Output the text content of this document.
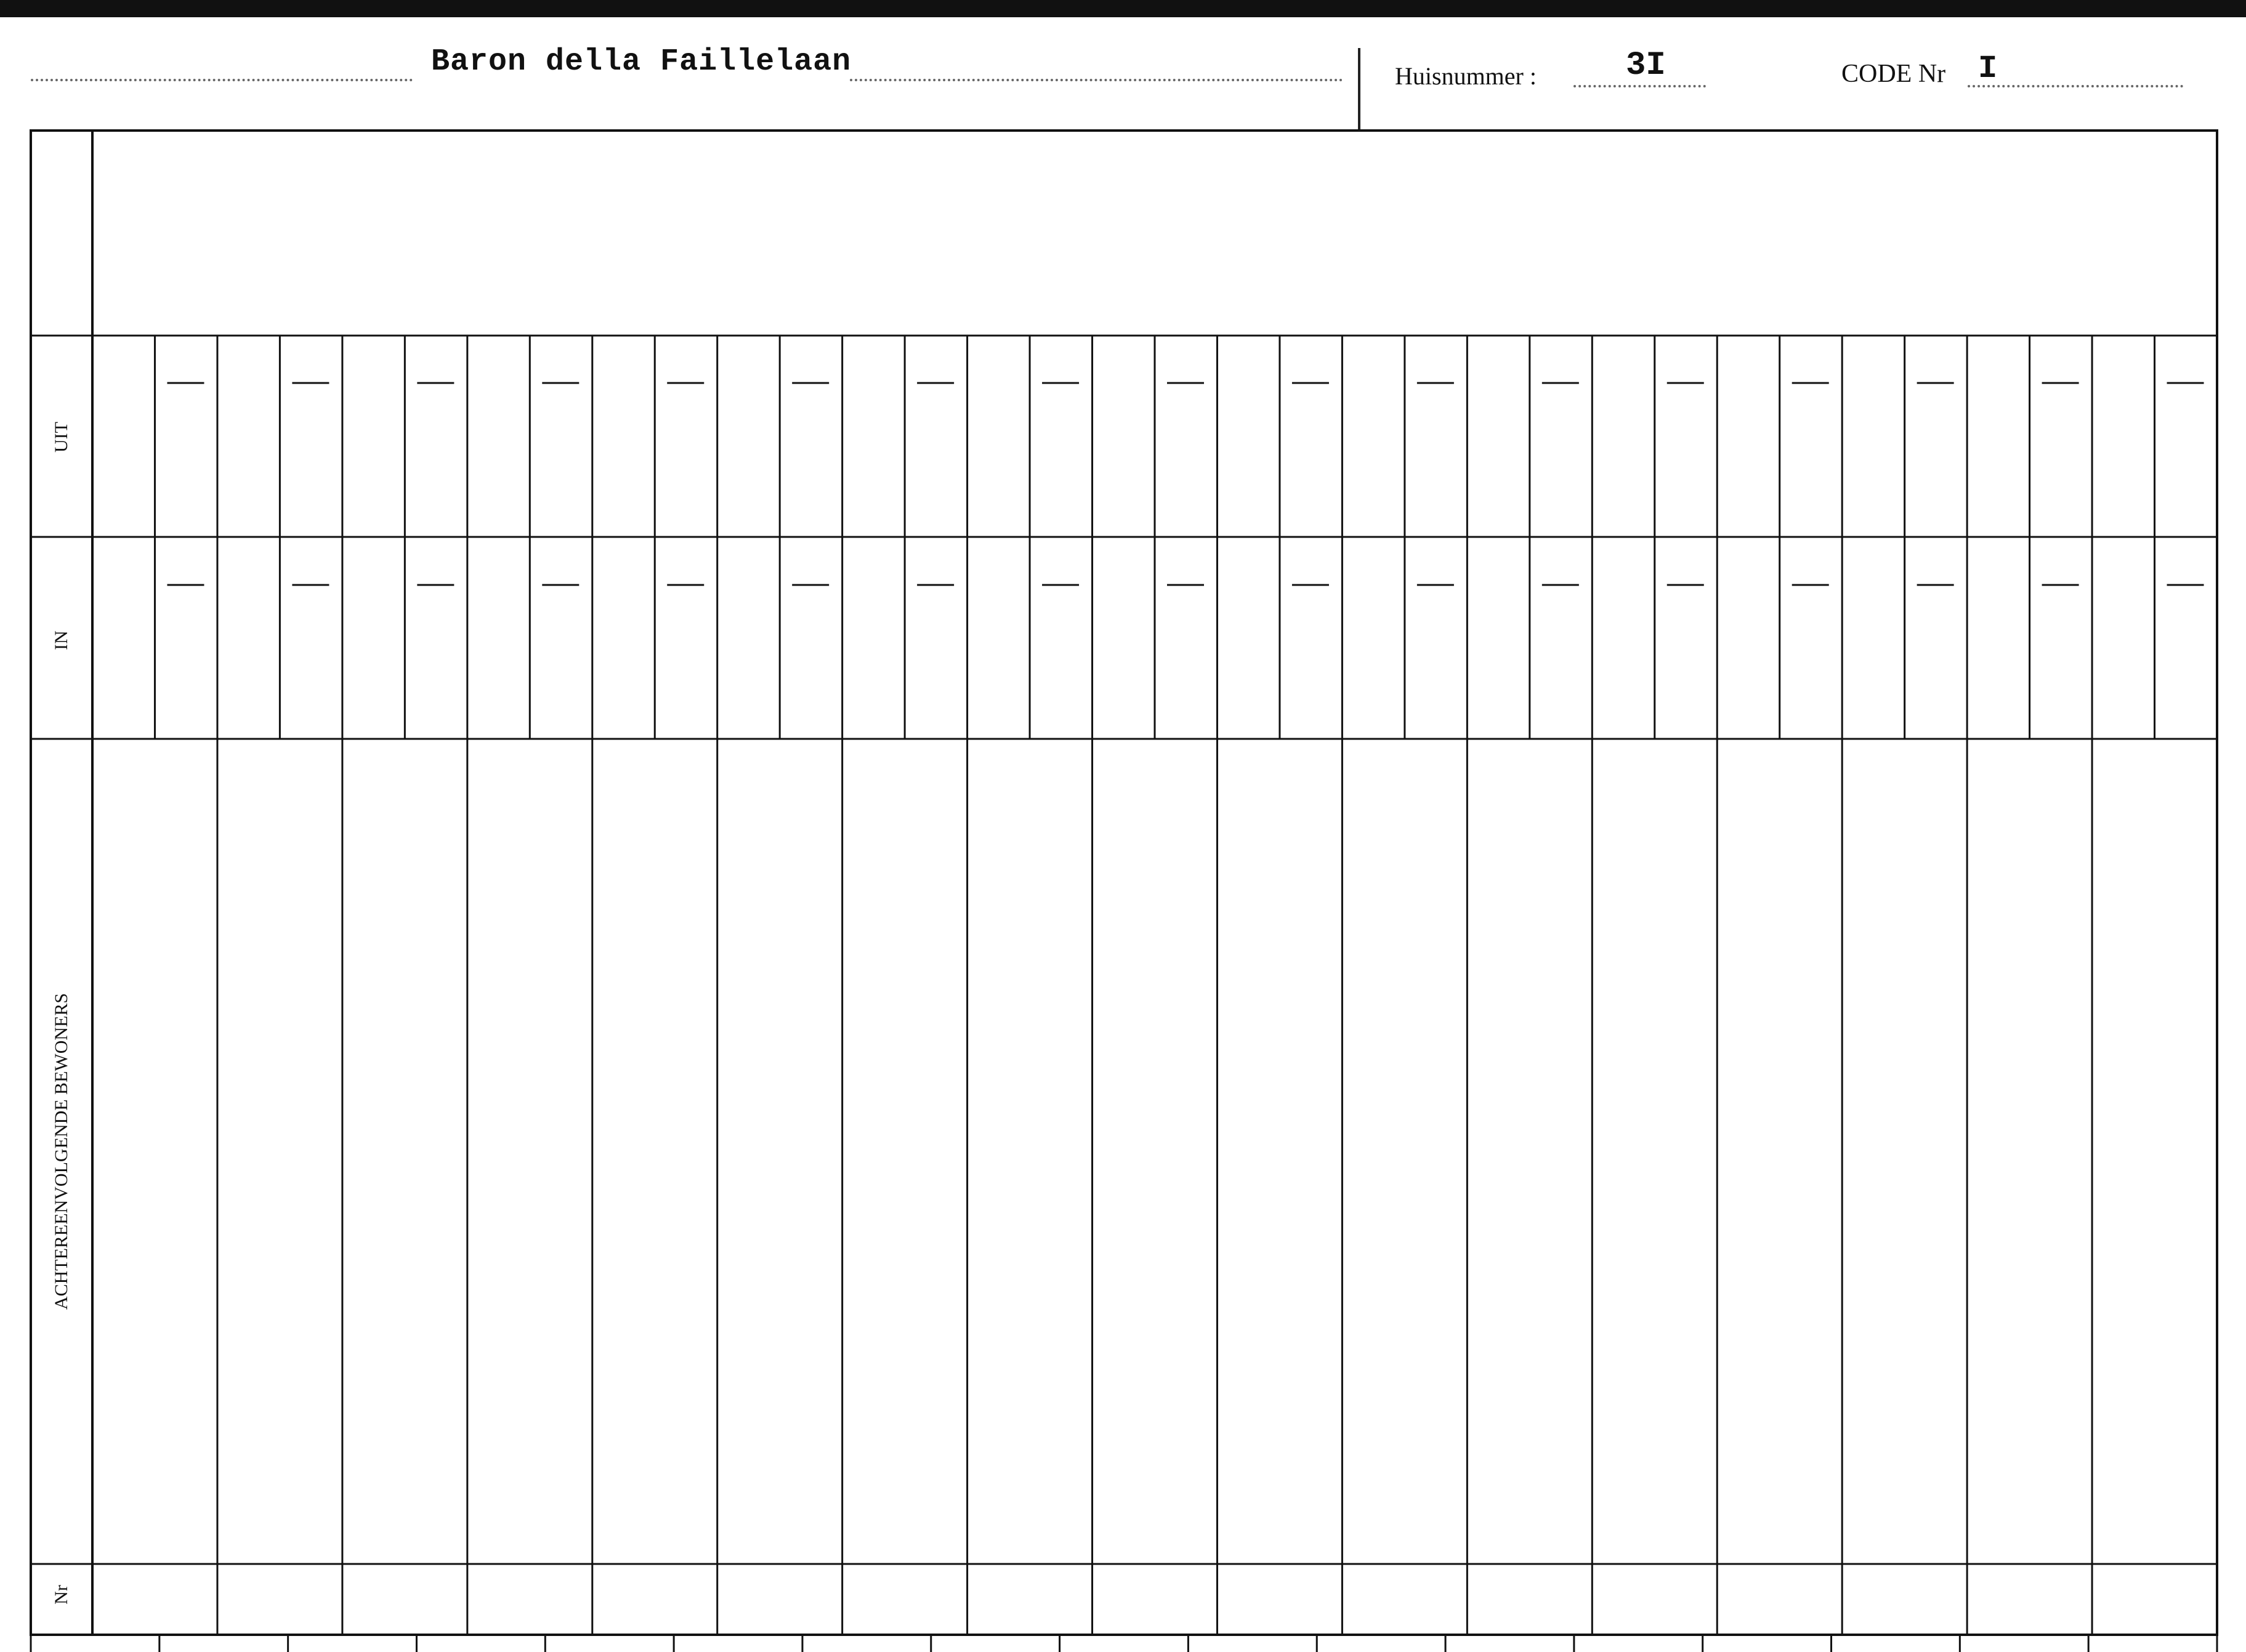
Baron della Faillelaan	Huisnummer :	3I	CODE Nr I
UIT
IN
ACHTEREENVOLGENDE BEWONERS
Nr
